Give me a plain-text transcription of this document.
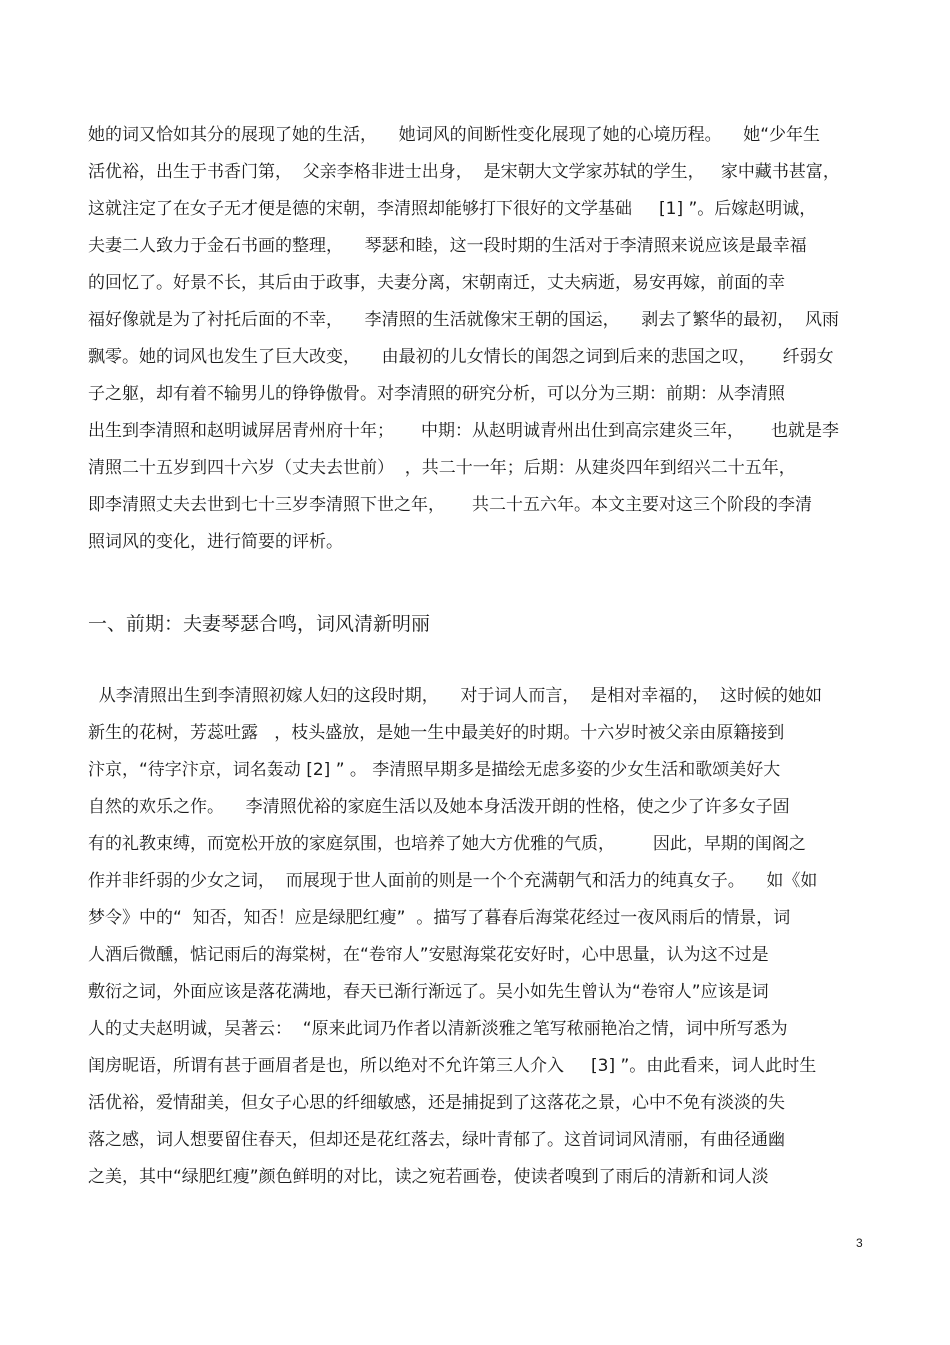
她的词又恰如其分的展现了她的生活，    她词风的间断性变化展现了她的心境历程。    她“少年生
活优裕，出生于书香门第，  父亲李格非进士出身，  是宋朝大文学家苏轼的学生，   家中藏书甚富，
这就注定了在女子无才便是德的宋朝，李清照却能够打下很好的文学基础     [1] ”。后嫁赵明诚，
夫妻二人致力于金石书画的整理，    琴瑟和睦，这一段时期的生活对于李清照来说应该是最幸福
的回忆了。好景不长，其后由于政事，夫妻分离，宋朝南迁，丈夫病逝，易安再嫁，前面的幸
福好像就是为了衬托后面的不幸，    李清照的生活就像宋王朝的国运，    剥去了繁华的最初，  风雨
飘零。她的词风也发生了巨大改变，    由最初的儿女情长的闺怨之词到后来的悲国之叹，     纤弱女
子之躯，却有着不输男儿的铮铮傲骨。对李清照的研究分析，可以分为三期：前期：从李清照
出生到李清照和赵明诚屏居青州府十年；     中期：从赵明诚青州出仕到高宗建炎三年，     也就是李
清照二十五岁到四十六岁（丈夫去世前）  ，共二十一年；后期：从建炎四年到绍兴二十五年，
即李清照丈夫去世到七十三岁李清照下世之年，     共二十五六年。本文主要对这三个阶段的李清
照词风的变化，进行简要的评析。
一、前期：夫妻琴瑟合鸣，词风清新明丽
从李清照出生到李清照初嫁人妇的这段时期，    对于词人而言，  是相对幸福的，  这时候的她如
新生的花树，芳蕊吐露   ，枝头盛放，是她一生中最美好的时期。十六岁时被父亲由原籍接到
汴京，“待字汴京，词名轰动 [2] ” 。 李清照早期多是描绘无虑多姿的少女生活和歌颂美好大
自然的欢乐之作。    李清照优裕的家庭生活以及她本身活泼开朗的性格，使之少了许多女子固
有的礼教束缚，而宽松开放的家庭氛围，也培养了她大方优雅的气质，       因此，早期的闺阁之
作并非纤弱的少女之词，  而展现于世人面前的则是一个个充满朝气和活力的纯真女子。    如《如
梦令》中的“  知否，知否！应是绿肥红瘦”  。描写了暮春后海棠花经过一夜风雨后的情景，词
人酒后微醺，惦记雨后的海棠树，在“卷帘人”安慰海棠花安好时，心中思量，认为这不过是
敷衍之词，外面应该是落花满地，春天已渐行渐远了。吴小如先生曾认为“卷帘人”应该是词
人的丈夫赵明诚，吴著云：  “原来此词乃作者以清新淡雅之笔写秾丽艳冶之情，词中所写悉为
闺房昵语，所谓有甚于画眉者是也，所以绝对不允许第三人介入     [3] ”。由此看来，词人此时生
活优裕，爱情甜美，但女子心思的纤细敏感，还是捕捉到了这落花之景，心中不免有淡淡的失
落之感，词人想要留住春天，但却还是花红落去，绿叶青郁了。这首词词风清丽，有曲径通幽
之美，其中“绿肥红瘦”颜色鲜明的对比，读之宛若画卷，使读者嗅到了雨后的清新和词人淡
3
